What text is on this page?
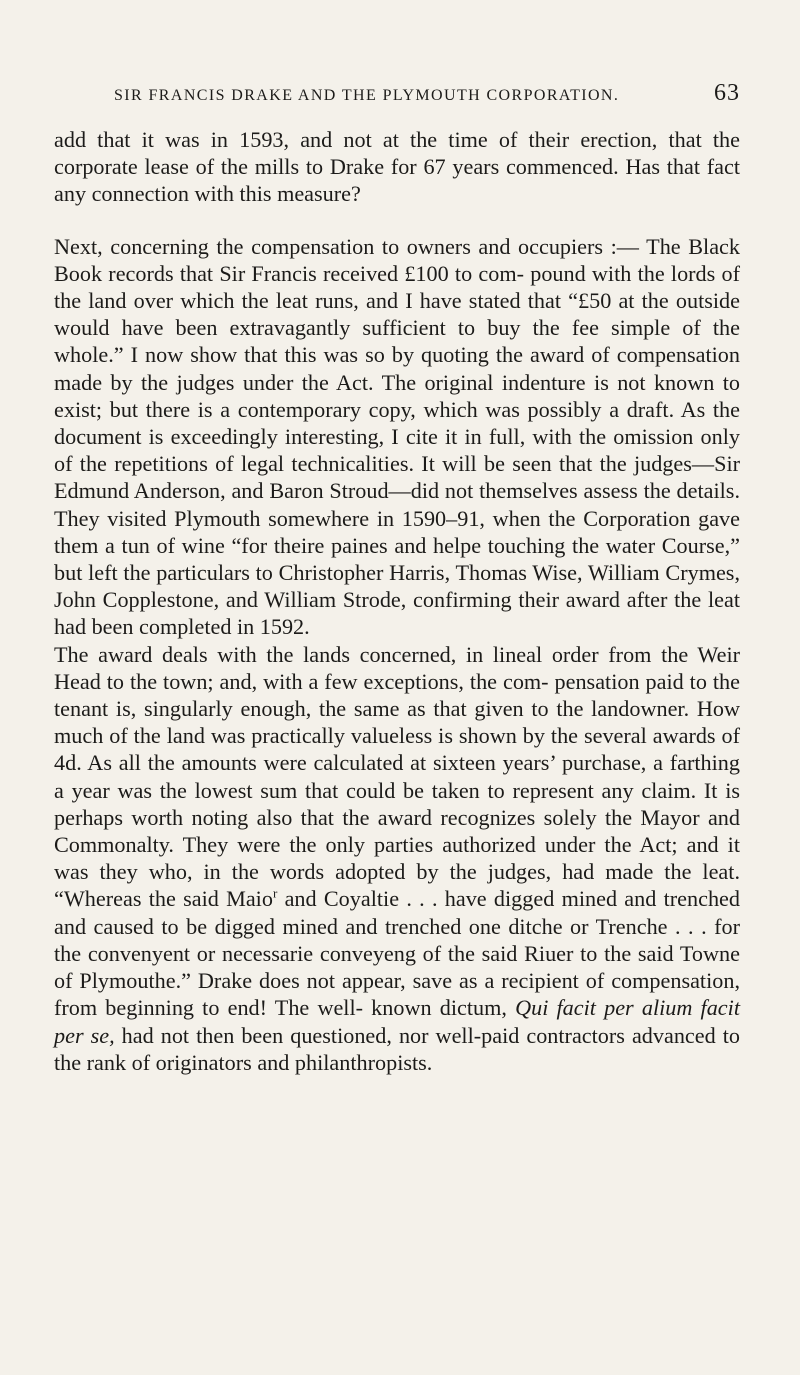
SIR FRANCIS DRAKE AND THE PLYMOUTH CORPORATION.	63

add that it was in 1593, and not at the time of their erection, that the corporate lease of the mills to Drake for 67 years commenced. Has that fact any connection with this measure?

Next, concerning the compensation to owners and occupiers :— The Black Book records that Sir Francis received £100 to com- pound with the lords of the land over which the leat runs, and I have stated that “£50 at the outside would have been extravagantly sufficient to buy the fee simple of the whole.” I now show that this was so by quoting the award of compensation made by the judges under the Act. The original indenture is not known to exist; but there is a contemporary copy, which was possibly a draft. As the document is exceedingly interesting, I cite it in full, with the omission only of the repetitions of legal technicalities. It will be seen that the judges—Sir Edmund Anderson, and Baron Stroud—did not themselves assess the details. They visited Plymouth somewhere in 1590–91, when the Corporation gave them a tun of wine “for theire paines and helpe touching the water Course,” but left the particulars to Christopher Harris, Thomas Wise, William Crymes, John Copplestone, and William Strode, confirming their award after the leat had been completed in 1592.

The award deals with the lands concerned, in lineal order from the Weir Head to the town; and, with a few exceptions, the com- pensation paid to the tenant is, singularly enough, the same as that given to the landowner. How much of the land was practically valueless is shown by the several awards of 4d. As all the amounts were calculated at sixteen years’ purchase, a farthing a year was the lowest sum that could be taken to represent any claim. It is perhaps worth noting also that the award recognizes solely the Mayor and Commonalty. They were the only parties authorized under the Act; and it was they who, in the words adopted by the judges, had made the leat. “Whereas the said Maio$^r$ and Coyaltie . . . have digged mined and trenched and caused to be digged mined and trenched one ditche or Trenche . . . for the convenyent or necessarie conveyeng of the said Riuer to the said Towne of Plymouthe.” Drake does not appear, save as a recipient of compensation, from beginning to end! The well- known dictum, Qui facit per alium facit per se, had not then been questioned, nor well-paid contractors advanced to the rank of originators and philanthropists.
